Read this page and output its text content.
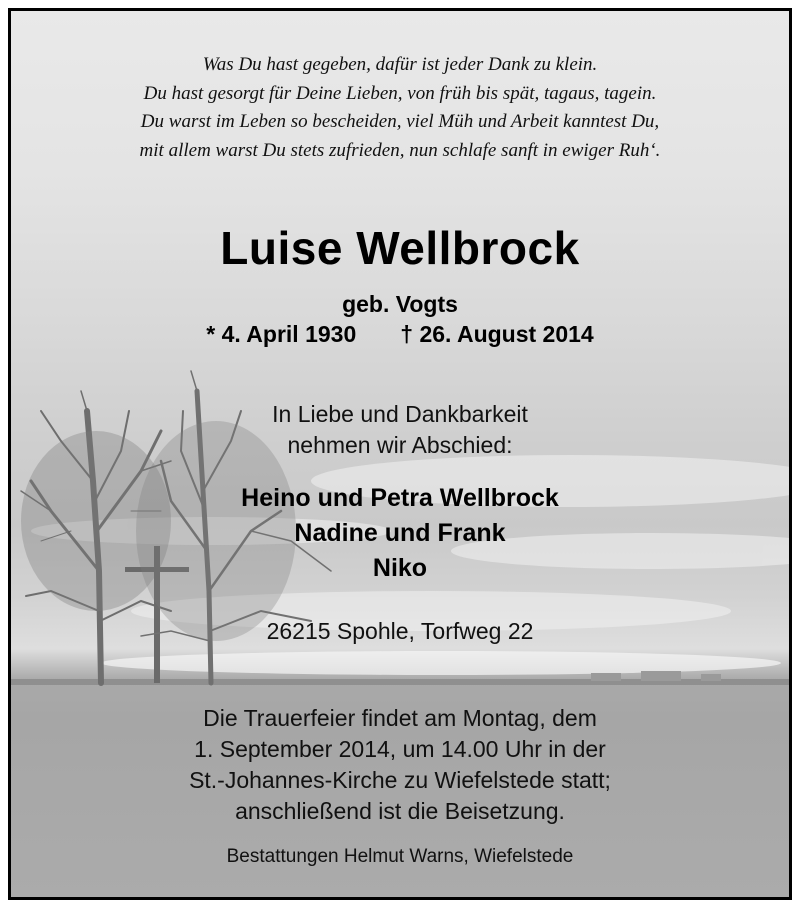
Was Du hast gegeben, dafür ist jeder Dank zu klein.
Du hast gesorgt für Deine Lieben, von früh bis spät, tagaus, tagein.
Du warst im Leben so bescheiden, viel Müh und Arbeit kanntest Du,
mit allem warst Du stets zufrieden, nun schlafe sanft in ewiger Ruh‘.
Luise Wellbrock
geb. Vogts
* 4. April 1930 † 26. August 2014
In Liebe und Dankbarkeit
nehmen wir Abschied:
Heino und Petra Wellbrock
Nadine und Frank
Niko
26215 Spohle, Torfweg 22
Die Trauerfeier findet am Montag, dem
1. September 2014, um 14.00 Uhr in der
St.-Johannes-Kirche zu Wiefelstede statt;
anschließend ist die Beisetzung.
Bestattungen Helmut Warns, Wiefelstede
